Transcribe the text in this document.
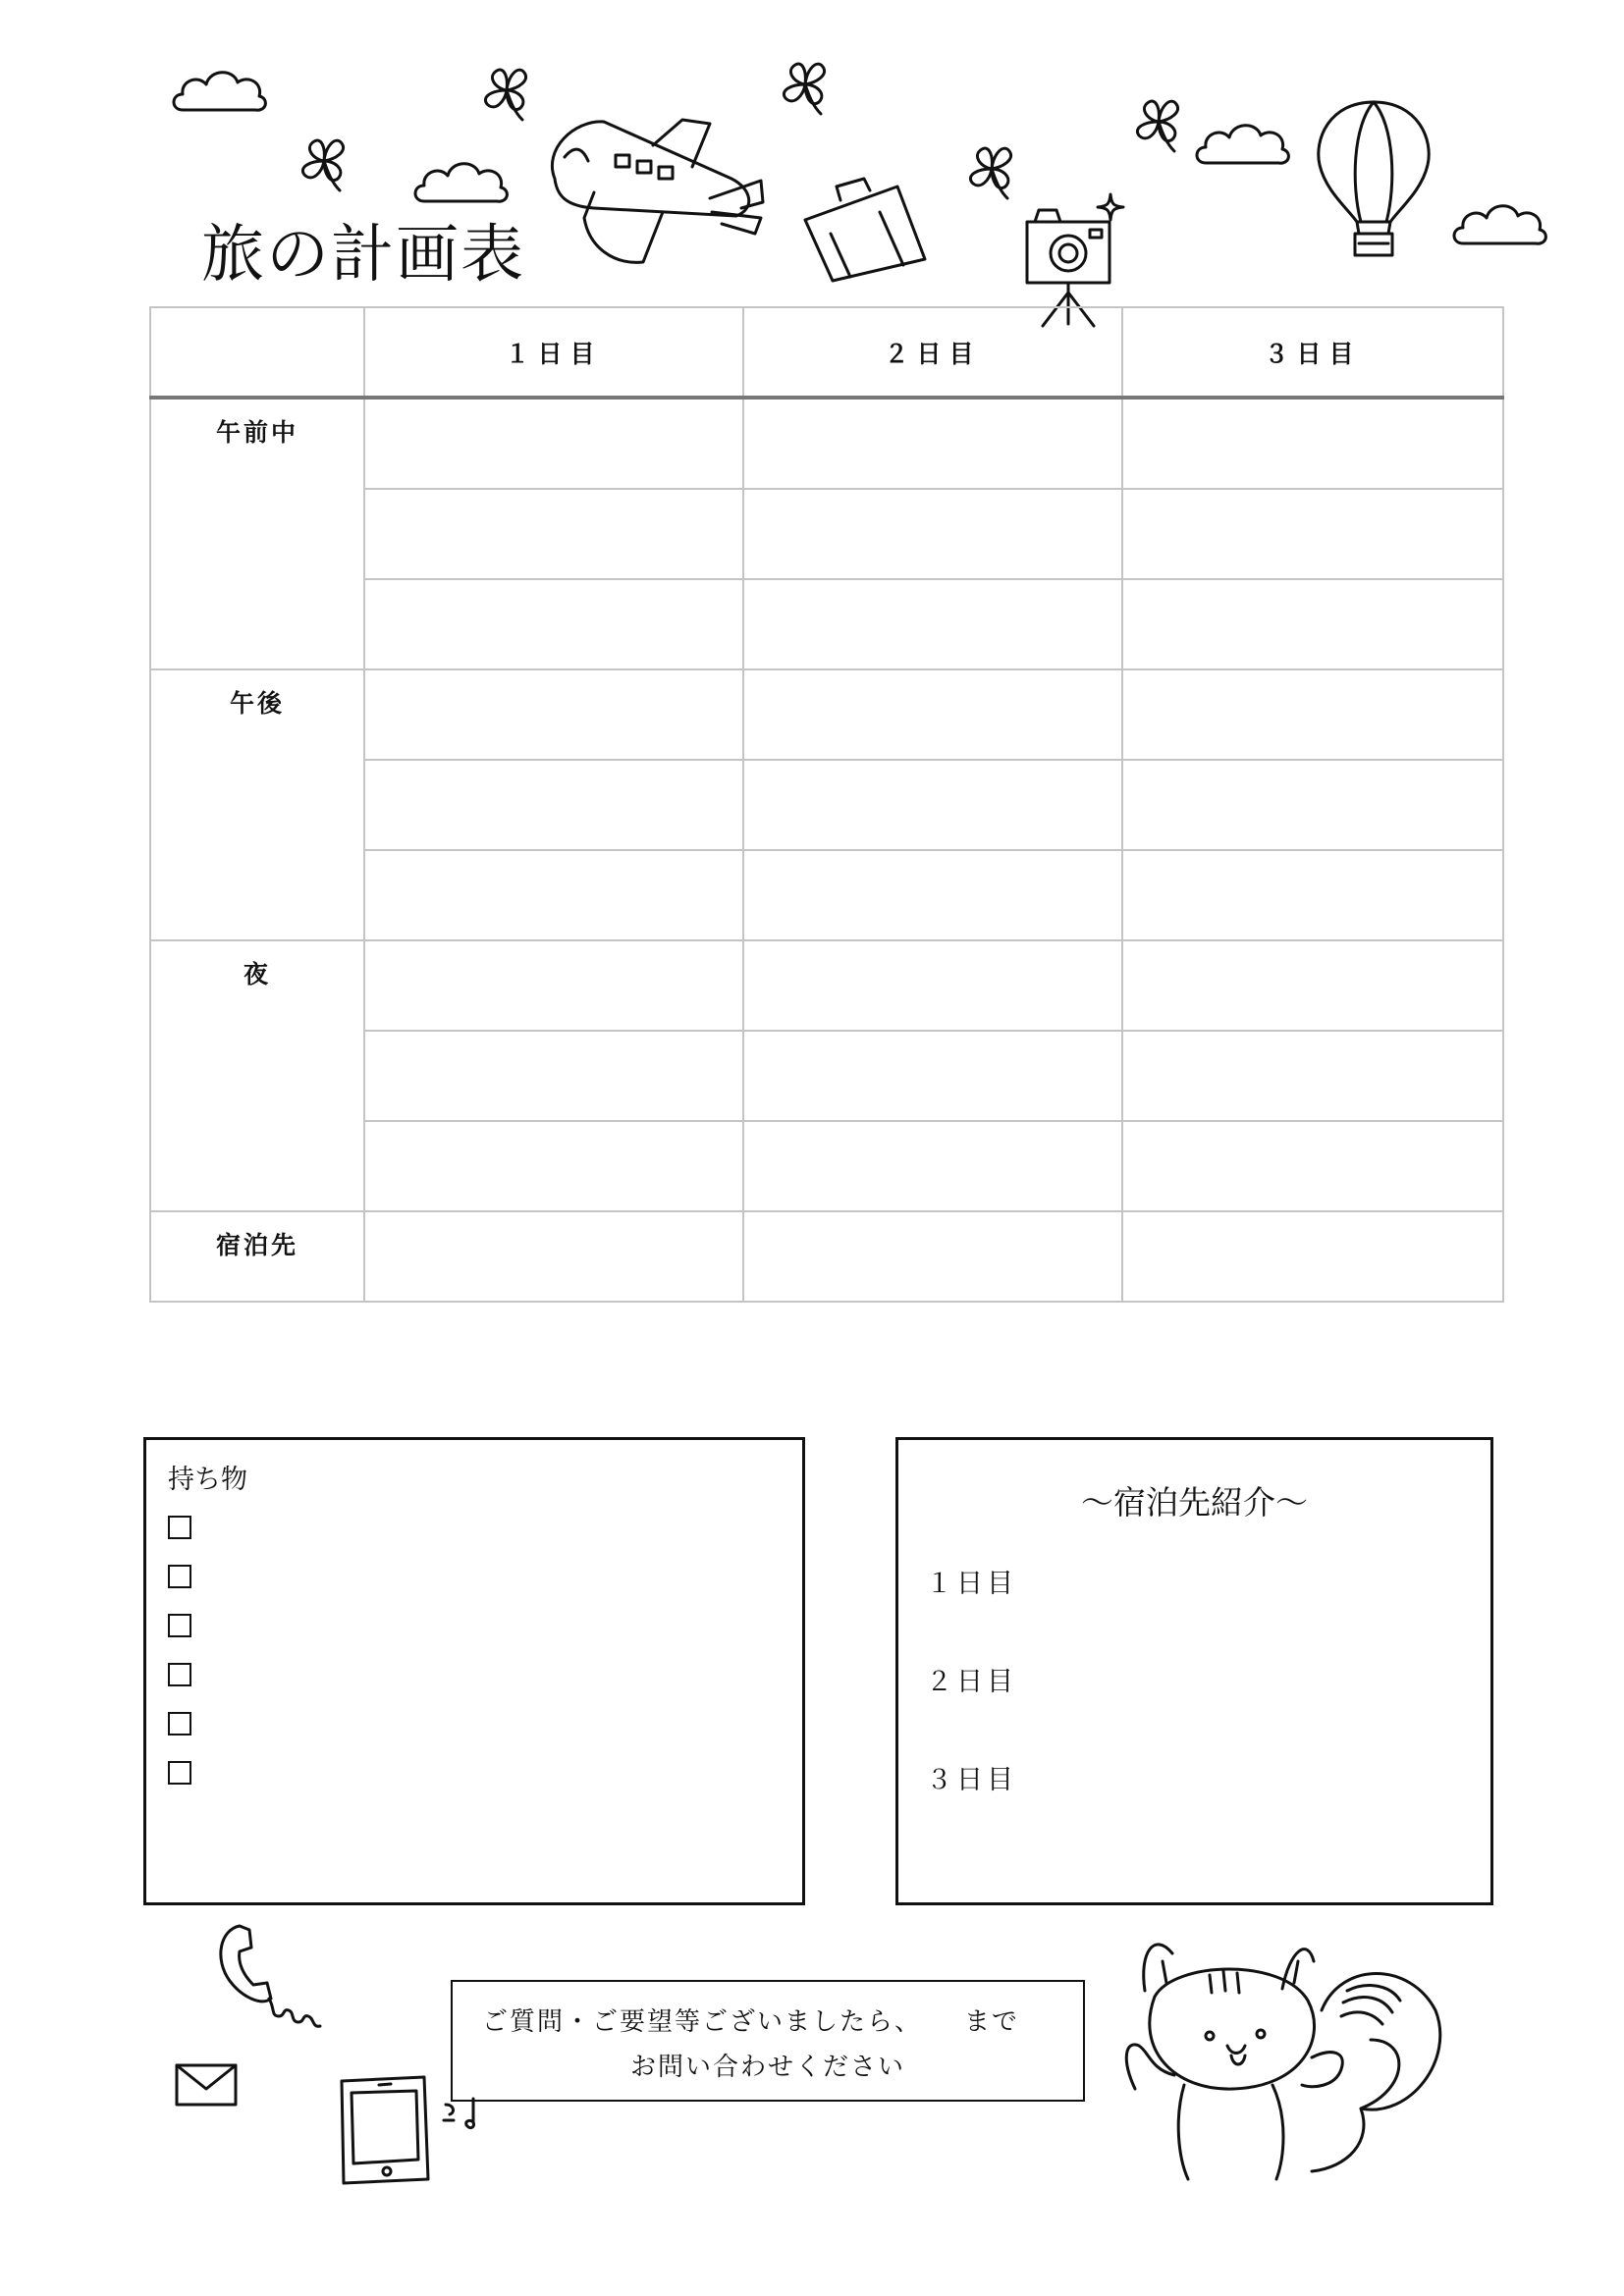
旅の計画表
	１日目	２日目	３日目
午前中			

午後			

夜			

宿泊先			
持ち物
〜宿泊先紹介〜
１日目
２日目
３日目
ご質問・ご要望等ございましたら、　　まで
お問い合わせください
